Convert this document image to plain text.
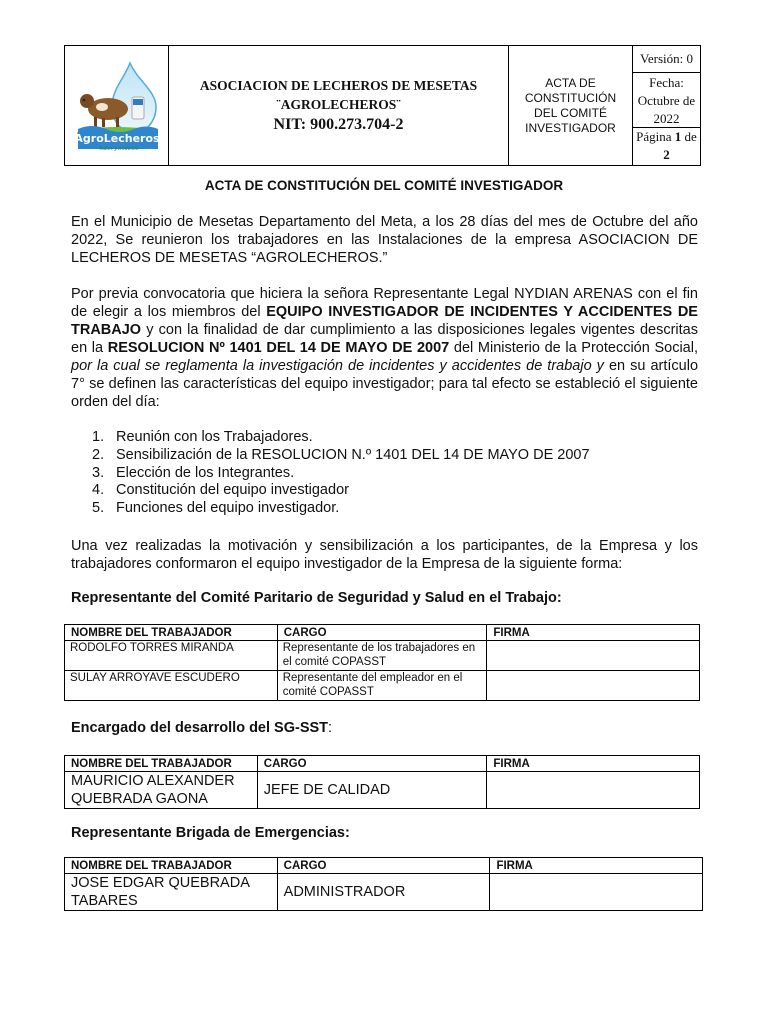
AgroLecheros
Sabor y tradición
ASOCIACION DE LECHEROS DE MESETAS
¨AGROLECHEROS¨
NIT: 900.273.704-2
ACTA DE CONSTITUCIÓN DEL COMITÉ INVESTIGADOR
Versión: 0
Fecha: Octubre de 2022
Página 1 de
2
ACTA DE CONSTITUCIÓN DEL COMITÉ INVESTIGADOR
En el Municipio de Mesetas Departamento del Meta, a los 28 días del mes de Octubre del año 2022, Se reunieron los trabajadores en las Instalaciones de la empresa ASOCIACION DE LECHEROS DE MESETAS “AGROLECHEROS.”
Por previa convocatoria que hiciera la señora Representante Legal NYDIAN ARENAS con el fin de elegir a los miembros del EQUIPO INVESTIGADOR DE INCIDENTES Y ACCIDENTES DE TRABAJO y con la finalidad de dar cumplimiento a las disposiciones legales vigentes descritas en la RESOLUCION Nº 1401 DEL 14 DE MAYO DE 2007 del Ministerio de la Protección Social, por la cual se reglamenta la investigación de incidentes y accidentes de trabajo y en su artículo 7° se definen las características del equipo investigador; para tal efecto se estableció el siguiente orden del día:
1. Reunión con los Trabajadores.
2. Sensibilización de la RESOLUCION N.º 1401 DEL 14 DE MAYO DE 2007
3. Elección de los Integrantes.
4. Constitución del equipo investigador
5. Funciones del equipo investigador.
Una vez realizadas la motivación y sensibilización a los participantes, de la Empresa y los trabajadores conformaron el equipo investigador de la Empresa de la siguiente forma:
Representante del Comité Paritario de Seguridad y Salud en el Trabajo:
NOMBRE DEL TRABAJADOR	CARGO	FIRMA
RODOLFO TORRES MIRANDA	Representante de los trabajadores en el comité COPASST	
SULAY ARROYAVE ESCUDERO	Representante del empleador en el comité COPASST	
Encargado del desarrollo del SG-SST:
NOMBRE DEL TRABAJADOR	CARGO	FIRMA
MAURICIO ALEXANDER QUEBRADA GAONA	JEFE DE CALIDAD	
Representante Brigada de Emergencias:
NOMBRE DEL TRABAJADOR	CARGO	FIRMA
JOSE EDGAR QUEBRADA TABARES	ADMINISTRADOR	
